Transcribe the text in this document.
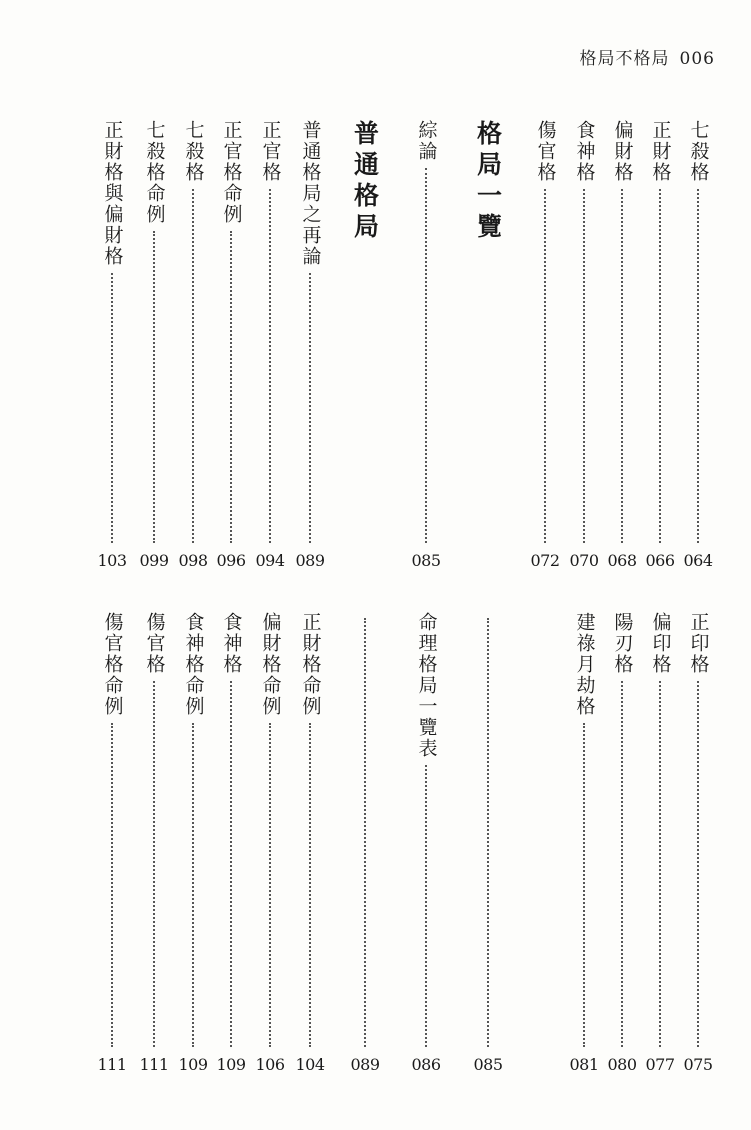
格局不格局 006
七殺格
064
正財格
066
偏財格
068
食神格
070
傷官格
072
格局一覽
綜論
085
普通格局
普通格局之再論
089
正官格
094
正官格命例
096
七殺格
098
七殺格命例
099
正財格與偏財格
103
正印格
075
偏印格
077
陽刃格
080
建祿月劫格
081
085
命理格局一覽表
086
089
正財格命例
104
偏財格命例
106
食神格
109
食神格命例
109
傷官格
111
傷官格命例
111
